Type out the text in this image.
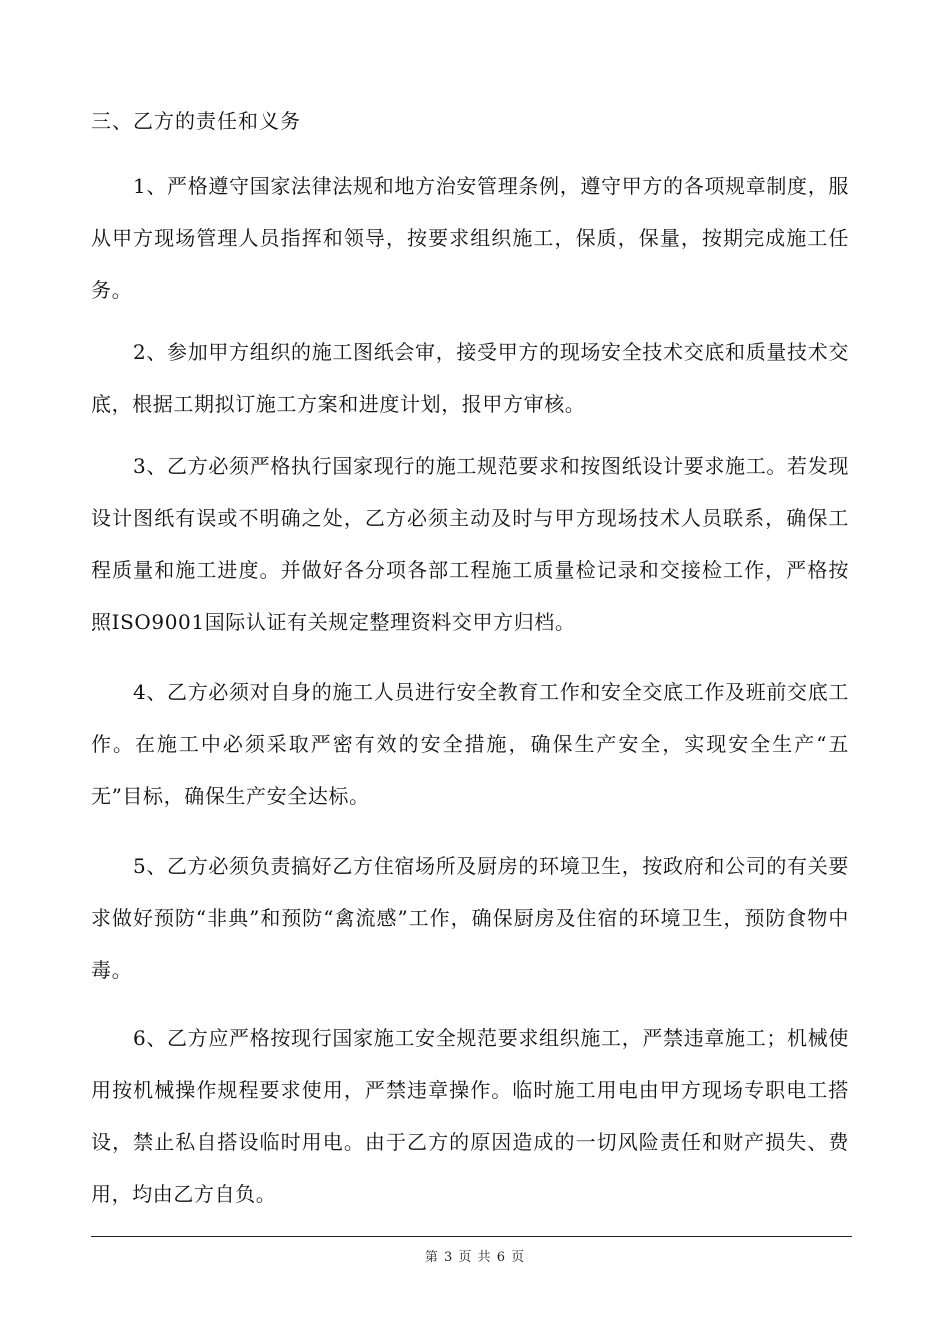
三、乙方的责任和义务

1、严格遵守国家法律法规和地方治安管理条例，遵守甲方的各项规章制度，服从甲方现场管理人员指挥和领导，按要求组织施工，保质，保量，按期完成施工任务。

2、参加甲方组织的施工图纸会审，接受甲方的现场安全技术交底和质量技术交底，根据工期拟订施工方案和进度计划，报甲方审核。

3、乙方必须严格执行国家现行的施工规范要求和按图纸设计要求施工。若发现设计图纸有误或不明确之处，乙方必须主动及时与甲方现场技术人员联系，确保工程质量和施工进度。并做好各分项各部工程施工质量检记录和交接检工作，严格按照ISO9001国际认证有关规定整理资料交甲方归档。

4、乙方必须对自身的施工人员进行安全教育工作和安全交底工作及班前交底工作。在施工中必须采取严密有效的安全措施，确保生产安全，实现安全生产“五无”目标，确保生产安全达标。

5、乙方必须负责搞好乙方住宿场所及厨房的环境卫生，按政府和公司的有关要求做好预防“非典”和预防“禽流感”工作，确保厨房及住宿的环境卫生，预防食物中毒。

6、乙方应严格按现行国家施工安全规范要求组织施工，严禁违章施工；机械使用按机械操作规程要求使用，严禁违章操作。临时施工用电由甲方现场专职电工搭设，禁止私自搭设临时用电。由于乙方的原因造成的一切风险责任和财产损失、费用，均由乙方自负。

第 3 页 共 6 页
